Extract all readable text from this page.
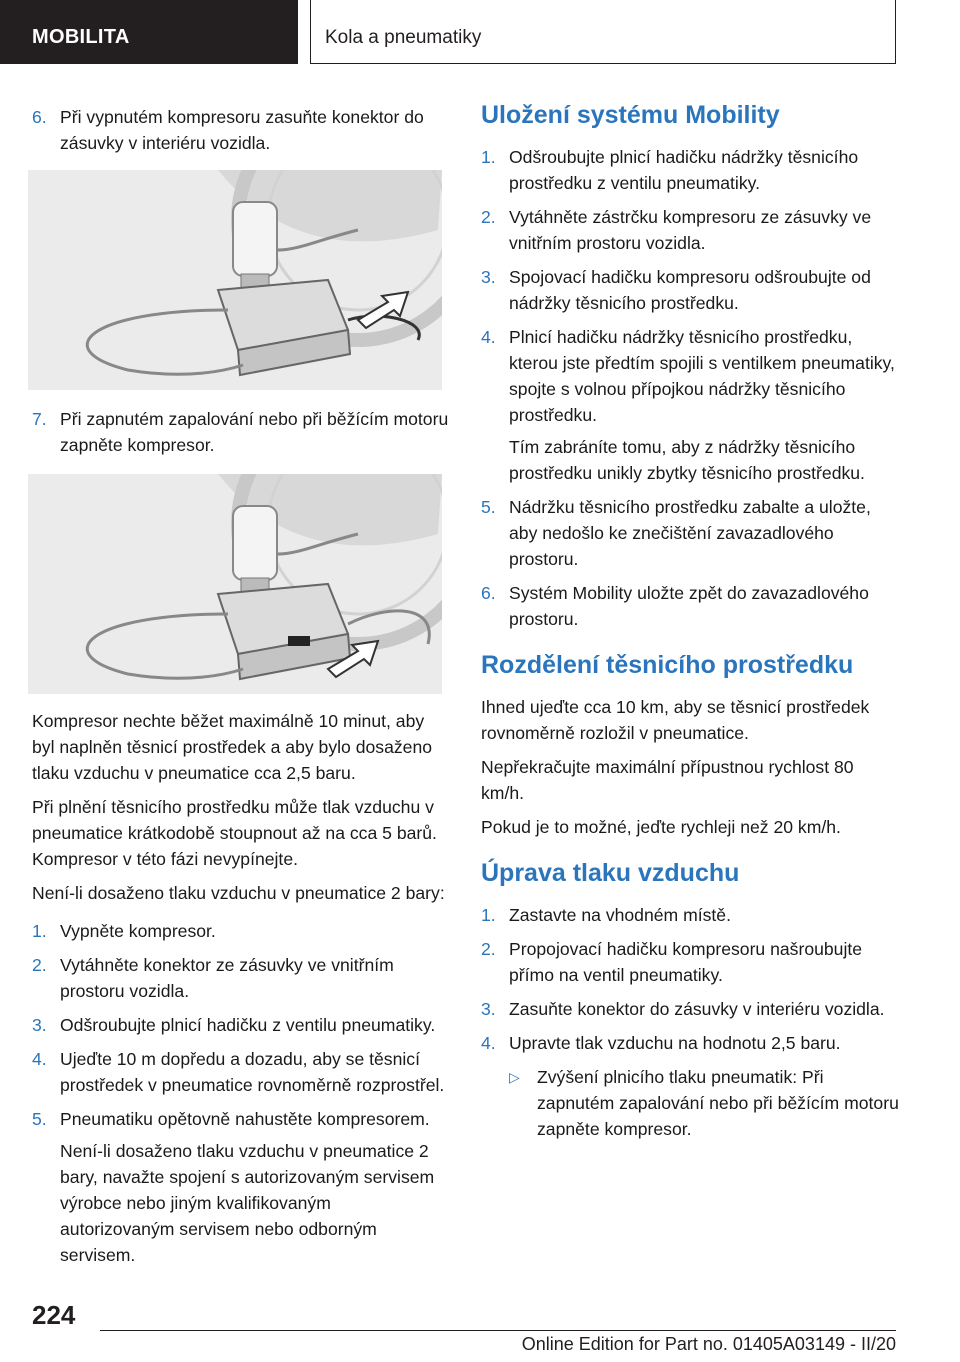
MOBILITA	Kola a pneumatiky
6. Při vypnutém kompresoru zasuňte konektor do zásuvky v interiéru vozidla.
7. Při zapnutém zapalování nebo při běžícím motoru zapněte kompresor.

Kompresor nechte běžet maximálně 10 minut, aby byl naplněn těsnicí prostředek a aby bylo dosaženo tlaku vzduchu v pneumatice cca 2,5 baru.

Při plnění těsnicího prostředku může tlak vzduchu v pneumatice krátkodobě stoupnout až na cca 5 barů. Kompresor v této fázi nevypínejte.

Není-li dosaženo tlaku vzduchu v pneumatice 2 bary:

1. Vypněte kompresor.
2. Vytáhněte konektor ze zásuvky ve vnitřním prostoru vozidla.
3. Odšroubujte plnicí hadičku z ventilu pneumatiky.
4. Ujeďte 10 m dopředu a dozadu, aby se těsnicí prostředek v pneumatice rovnoměrně rozprostřel.
5. Pneumatiku opětovně nahustěte kompresorem.
Není-li dosaženo tlaku vzduchu v pneumatice 2 bary, navažte spojení s autorizovaným servisem výrobce nebo jiným kvalifikovaným autorizovaným servisem nebo odborným servisem.
Uložení systému Mobility
1. Odšroubujte plnicí hadičku nádržky těsnicího prostředku z ventilu pneumatiky.
2. Vytáhněte zástrčku kompresoru ze zásuvky ve vnitřním prostoru vozidla.
3. Spojovací hadičku kompresoru odšroubujte od nádržky těsnicího prostředku.
4. Plnicí hadičku nádržky těsnicího prostředku, kterou jste předtím spojili s ventilkem pneumatiky, spojte s volnou přípojkou nádržky těsnicího prostředku.
Tím zabráníte tomu, aby z nádržky těsnicího prostředku unikly zbytky těsnicího prostředku.
5. Nádržku těsnicího prostředku zabalte a uložte, aby nedošlo ke znečištění zavazadlového prostoru.
6. Systém Mobility uložte zpět do zavazadlového prostoru.
Rozdělení těsnicího prostředku

Ihned ujeďte cca 10 km, aby se těsnicí prostředek rovnoměrně rozložil v pneumatice.

Nepřekračujte maximální přípustnou rychlost 80 km/h.

Pokud je to možné, jeďte rychleji než 20 km/h.

Úprava tlaku vzduchu
1. Zastavte na vhodném místě.
2. Propojovací hadičku kompresoru našroubujte přímo na ventil pneumatiky.
3. Zasuňte konektor do zásuvky v interiéru vozidla.
4. Upravte tlak vzduchu na hodnotu 2,5 baru.
▷ Zvýšení plnicího tlaku pneumatik: Při zapnutém zapalování nebo při běžícím motoru zapněte kompresor.
224
Online Edition for Part no. 01405A03149 - II/20
